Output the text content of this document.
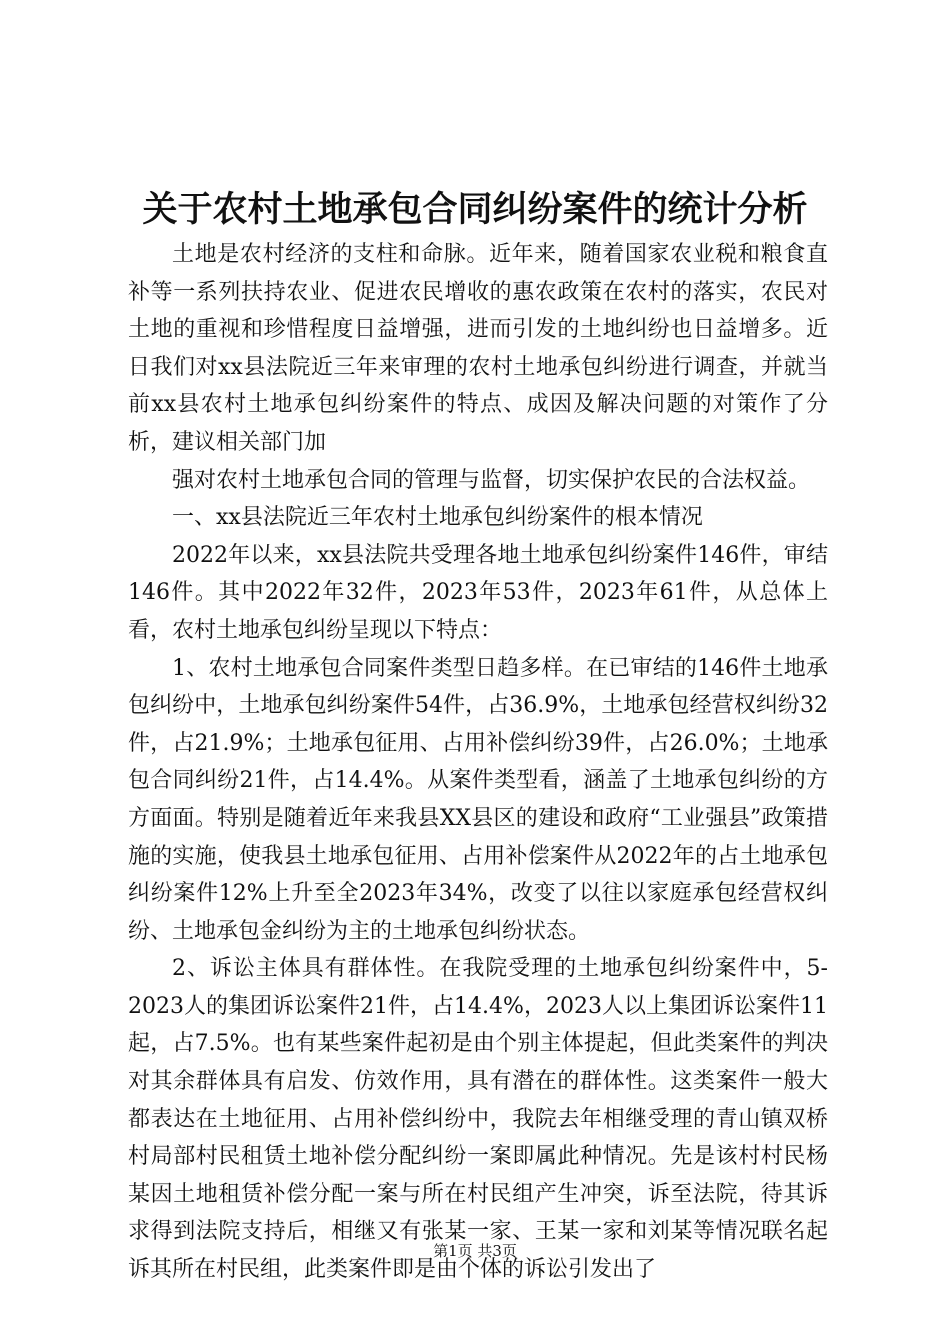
关于农村土地承包合同纠纷案件的统计分析

土地是农村经济的支柱和命脉。近年来，随着国家农业税和粮食直补等一系列扶持农业、促进农民增收的惠农政策在农村的落实，农民对土地的重视和珍惜程度日益增强，进而引发的土地纠纷也日益增多。近日我们对xx县法院近三年来审理的农村土地承包纠纷进行调查，并就当前xx县农村土地承包纠纷案件的特点、成因及解决问题的对策作了分析，建议相关部门加

强对农村土地承包合同的管理与监督，切实保护农民的合法权益。

一、xx县法院近三年农村土地承包纠纷案件的根本情况

2022年以来，xx县法院共受理各地土地承包纠纷案件146件，审结146件。其中2022年32件，2023年53件，2023年61件，从总体上看，农村土地承包纠纷呈现以下特点：

1、农村土地承包合同案件类型日趋多样。在已审结的146件土地承包纠纷中，土地承包纠纷案件54件，占36.9%，土地承包经营权纠纷32件，占21.9%；土地承包征用、占用补偿纠纷39件，占26.0%；土地承包合同纠纷21件，占14.4%。从案件类型看，涵盖了土地承包纠纷的方方面面。特别是随着近年来我县XX县区的建设和政府“工业强县”政策措施的实施，使我县土地承包征用、占用补偿案件从2022年的占土地承包纠纷案件12%上升至全2023年34%，改变了以往以家庭承包经营权纠纷、土地承包金纠纷为主的土地承包纠纷状态。

2、诉讼主体具有群体性。在我院受理的土地承包纠纷案件中，5-2023人的集团诉讼案件21件，占14.4%，2023人以上集团诉讼案件11起，占7.5%。也有某些案件起初是由个别主体提起，但此类案件的判决对其余群体具有启发、仿效作用，具有潜在的群体性。这类案件一般大都表达在土地征用、占用补偿纠纷中，我院去年相继受理的青山镇双桥村局部村民租赁土地补偿分配纠纷一案即属此种情况。先是该村村民杨某因土地租赁补偿分配一案与所在村民组产生冲突，诉至法院，待其诉求得到法院支持后，相继又有张某一家、王某一家和刘某等情况联名起诉其所在村民组，此类案件即是由个体的诉讼引发出了

第1页 共3页
